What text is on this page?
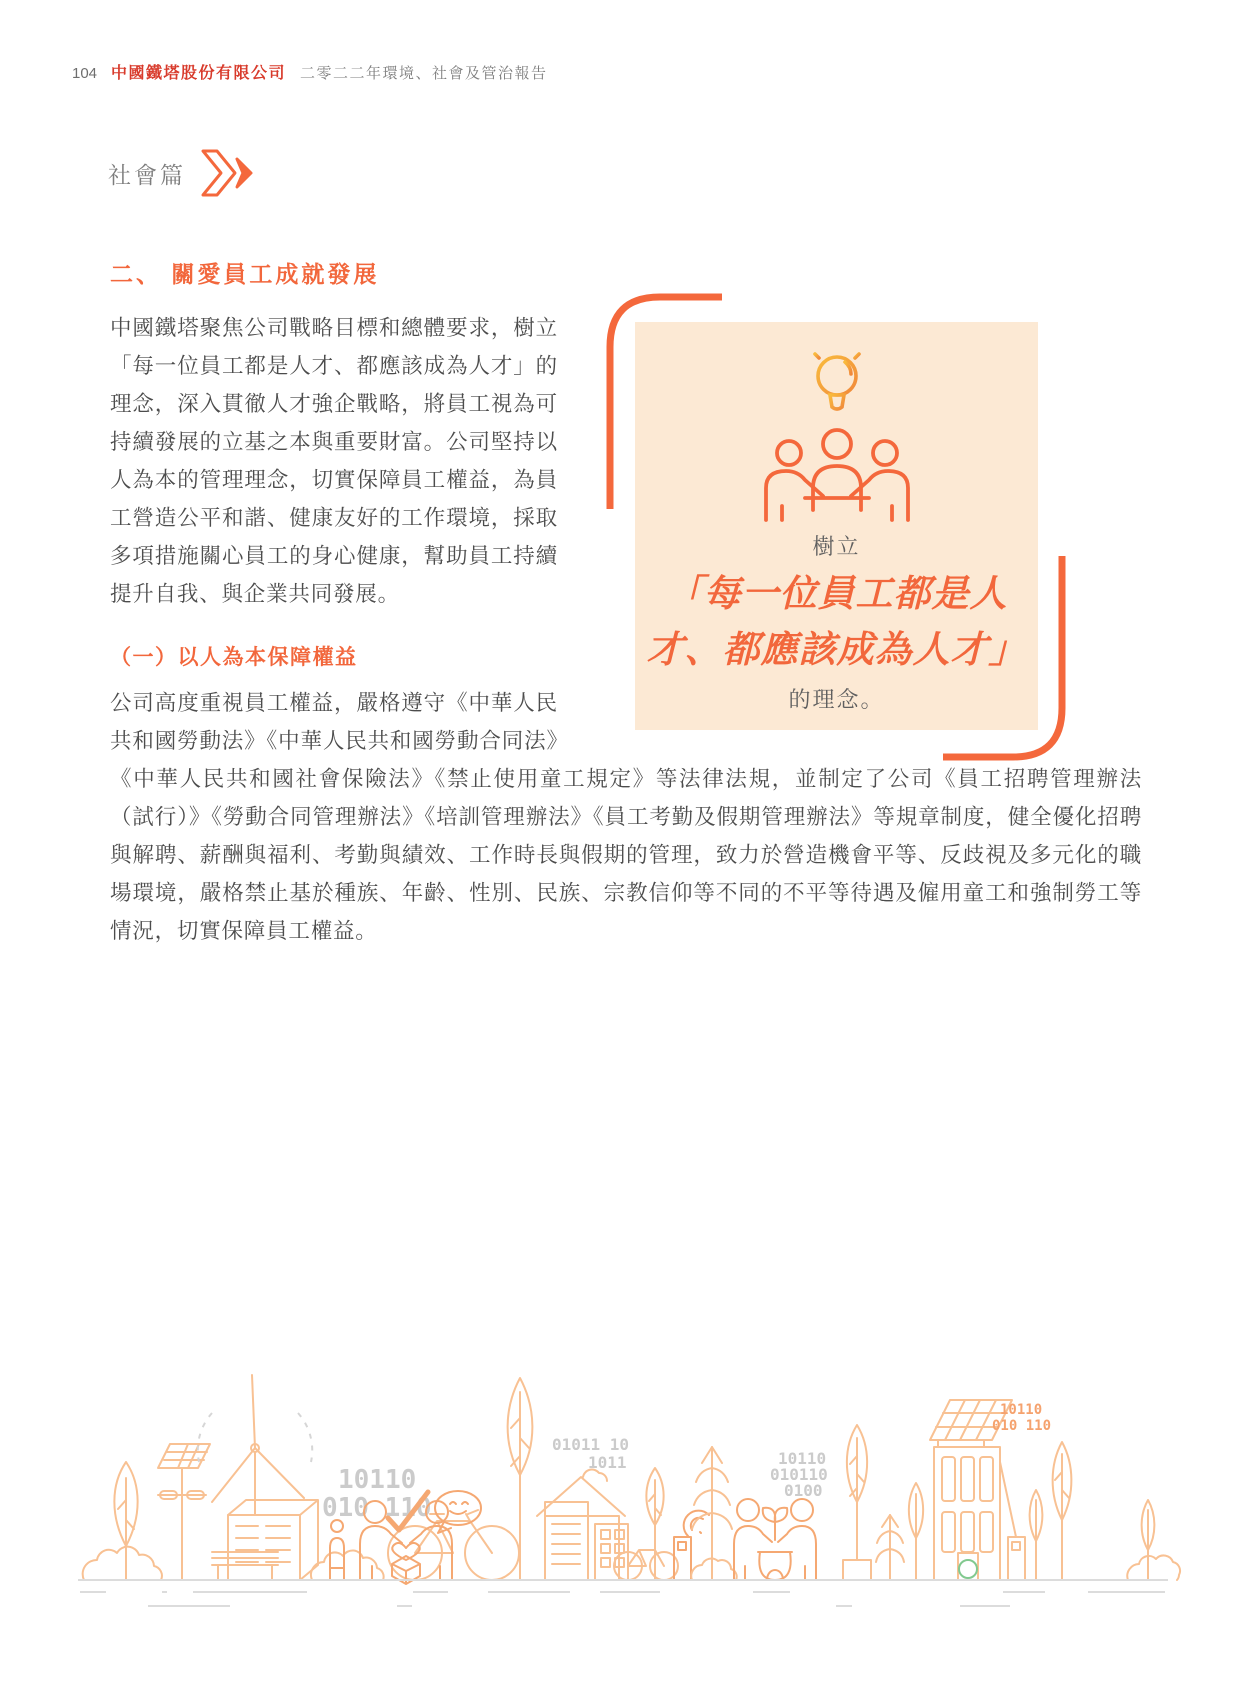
104 中國鐵塔股份有限公司 二零二二年環境、社會及管治報告
社會篇
二、 關愛員工成就發展

中國鐵塔聚焦公司戰略目標和總體要求，樹立「每一位員工都是人才、都應該成為人才」的理念，深入貫徹人才強企戰略，將員工視為可持續發展的立基之本與重要財富。公司堅持以人為本的管理理念，切實保障員工權益，為員工營造公平和諧、健康友好的工作環境，採取多項措施關心員工的身心健康，幫助員工持續提升自我、與企業共同發展。

（一）以人為本保障權益

公司高度重視員工權益，嚴格遵守《中華人民共和國勞動法》《中華人民共和國勞動合同法》《中華人民共和國社會保險法》《禁止使用童工規定》等法律法規，並制定了公司《員工招聘管理辦法（試行）》《勞動合同管理辦法》《培訓管理辦法》《員工考勤及假期管理辦法》等規章制度，健全優化招聘與解聘、薪酬與福利、考勤與績效、工作時長與假期的管理，致力於營造機會平等、反歧視及多元化的職場環境，嚴格禁止基於種族、年齡、性別、民族、宗教信仰等不同的不平等待遇及僱用童工和強制勞工等情況，切實保障員工權益。

樹立
「每一位員工都是人
才、都應該成為人才」
的理念。
10110
010 110
01011 10
1011	10110
010110
0100
10110
010 110
